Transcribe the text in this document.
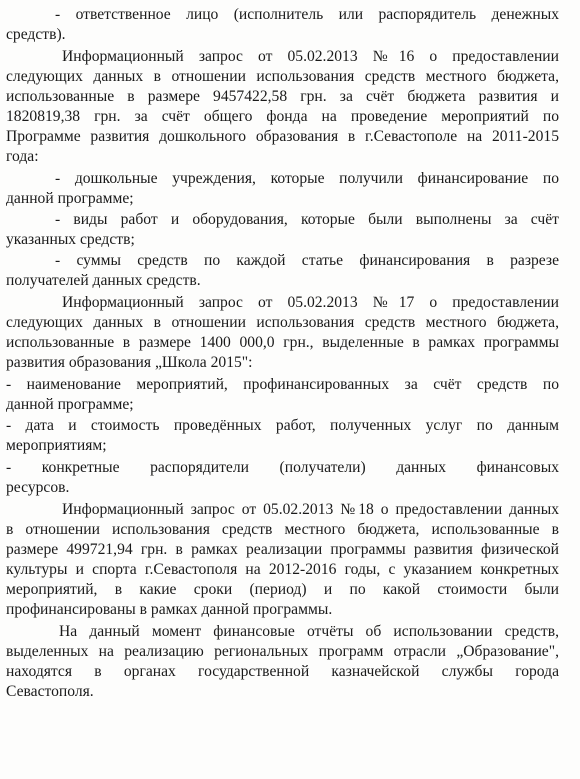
- ответственное лицо (исполнитель или распорядитель денежных
средств).
Информационный запрос от 05.02.2013 №16 о предоставлении
следующих данных в отношении использования средств местного бюджета,
использованные в размере 9457422,58 грн. за счёт бюджета развития и
1820819,38 грн. за счёт общего фонда на проведение мероприятий по
Программе развития дошкольного образования в г.Севастополе на 2011-2015
года:
- дошкольные учреждения, которые получили финансирование по
данной программе;
- виды работ и оборудования, которые были выполнены за счёт
указанных средств;
- суммы средств по каждой статье финансирования в разрезе
получателей данных средств.
Информационный запрос от 05.02.2013 №17 о предоставлении
следующих данных в отношении использования средств местного бюджета,
использованные в размере 1400 000,0 грн., выделенные в рамках программы
развития образования „Школа 2015":
- наименование мероприятий, профинансированных за счёт средств по
данной программе;
- дата и стоимость проведённых работ, полученных услуг по данным
мероприятиям;
- конкретные распорядители (получатели) данных финансовых
ресурсов.
Информационный запрос от 05.02.2013 №18 о предоставлении данных
в отношении использования средств местного бюджета, использованные в
размере 499721,94 грн. в рамках реализации программы развития физической
культуры и спорта г.Севастополя на 2012-2016 годы, с указанием конкретных
мероприятий, в какие сроки (период) и по какой стоимости были
профинансированы в рамках данной программы.
На данный момент финансовые отчёты об использовании средств,
выделенных на реализацию региональных программ отрасли „Образование",
находятся в органах государственной казначейской службы города
Севастополя.
